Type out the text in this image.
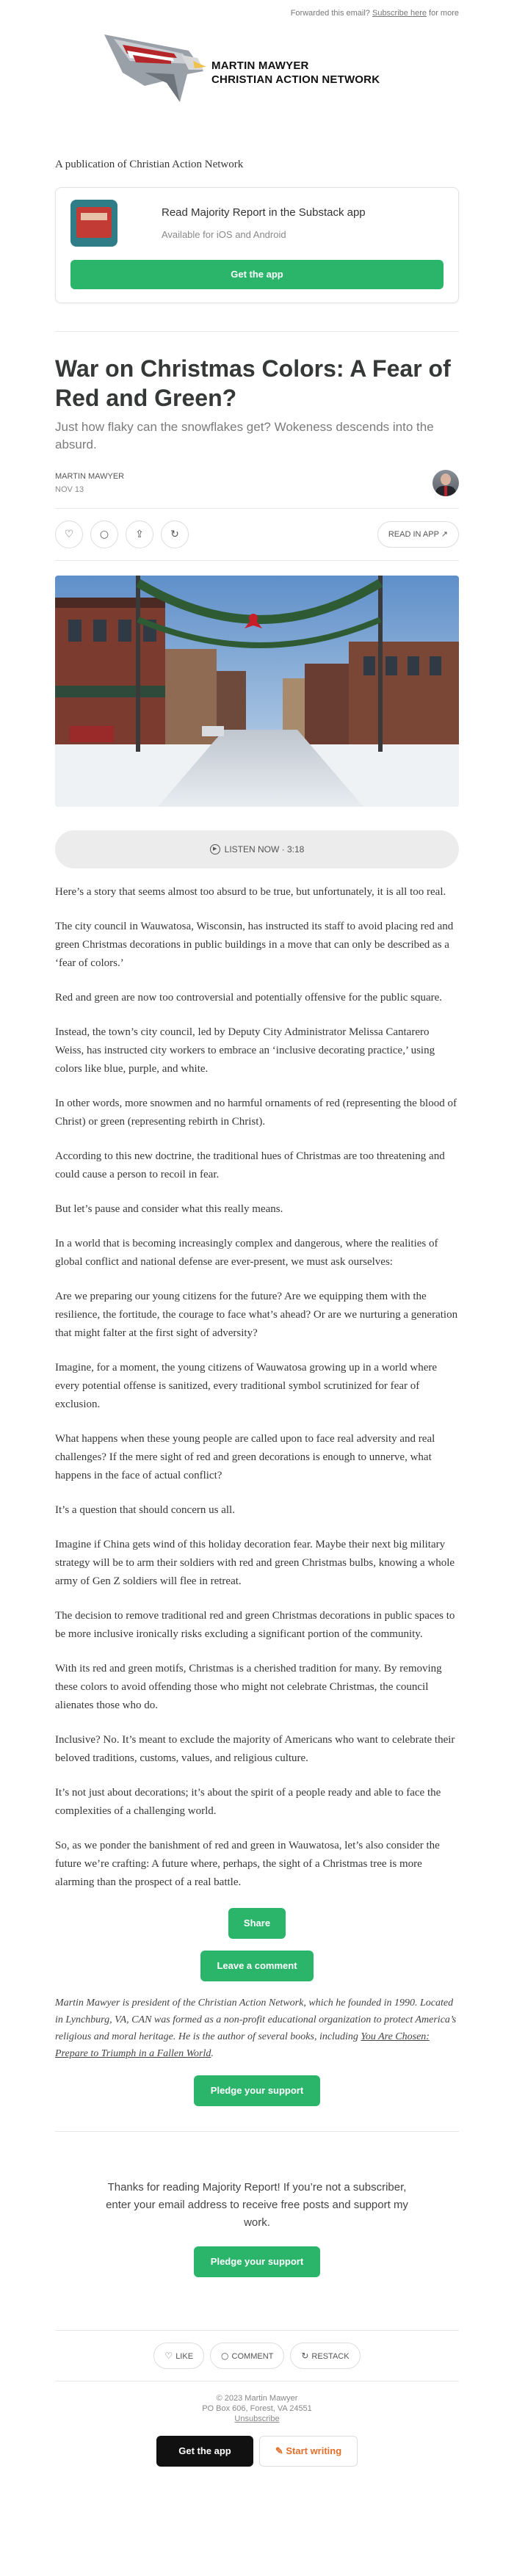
Forwarded this email? Subscribe here for more
MARTIN MAWYER
CHRISTIAN ACTION NETWORK
A publication of Christian Action Network
Read Majority Report in the Substack app
Available for iOS and Android
Get the app
War on Christmas Colors: A Fear of Red and Green?

Just how flaky can the snowflakes get? Wokeness descends into the absurd.

MARTIN MAWYER
NOV 13
♡	○	⇪	↻	READ IN APP ↗
▶ LISTEN NOW · 3:18

Here’s a story that seems almost too absurd to be true, but unfortunately, it is all too real.

The city council in Wauwatosa, Wisconsin, has instructed its staff to avoid placing red and green Christmas decorations in public buildings in a move that can only be described as a ‘fear of colors.’

Red and green are now too controversial and potentially offensive for the public square.

Instead, the town’s city council, led by Deputy City Administrator Melissa Cantarero Weiss, has instructed city workers to embrace an ‘inclusive decorating practice,’ using colors like blue, purple, and white.

In other words, more snowmen and no harmful ornaments of red (representing the blood of Christ) or green (representing rebirth in Christ).

According to this new doctrine, the traditional hues of Christmas are too threatening and could cause a person to recoil in fear.

But let’s pause and consider what this really means.

In a world that is becoming increasingly complex and dangerous, where the realities of global conflict and national defense are ever-present, we must ask ourselves:

Are we preparing our young citizens for the future? Are we equipping them with the resilience, the fortitude, the courage to face what’s ahead? Or are we nurturing a generation that might falter at the first sight of adversity?

Imagine, for a moment, the young citizens of Wauwatosa growing up in a world where every potential offense is sanitized, every traditional symbol scrutinized for fear of exclusion.

What happens when these young people are called upon to face real adversity and real challenges? If the mere sight of red and green decorations is enough to unnerve, what happens in the face of actual conflict?

It’s a question that should concern us all.

Imagine if China gets wind of this holiday decoration fear. Maybe their next big military strategy will be to arm their soldiers with red and green Christmas bulbs, knowing a whole army of Gen Z soldiers will flee in retreat.

The decision to remove traditional red and green Christmas decorations in public spaces to be more inclusive ironically risks excluding a significant portion of the community.

With its red and green motifs, Christmas is a cherished tradition for many. By removing these colors to avoid offending those who might not celebrate Christmas, the council alienates those who do.

Inclusive? No. It’s meant to exclude the majority of Americans who want to celebrate their beloved traditions, customs, values, and religious culture.

It’s not just about decorations; it’s about the spirit of a people ready and able to face the complexities of a challenging world.

So, as we ponder the banishment of red and green in Wauwatosa, let’s also consider the future we’re crafting: A future where, perhaps, the sight of a Christmas tree is more alarming than the prospect of a real battle.

Share
Leave a comment
Martin Mawyer is president of the Christian Action Network, which he founded in 1990. Located in Lynchburg, VA, CAN was formed as a non-profit educational organization to protect America’s religious and moral heritage. He is the author of several books, including You Are Chosen: Prepare to Triumph in a Fallen World.
Pledge your support
Thanks for reading Majority Report! If you’re not a subscriber, enter your email address to receive free posts and support my work.
Pledge your support
♡ LIKE	○ COMMENT	↻ RESTACK
© 2023 Martin Mawyer
PO Box 606, Forest, VA 24551
Unsubscribe
Get the app	✎ Start writing
